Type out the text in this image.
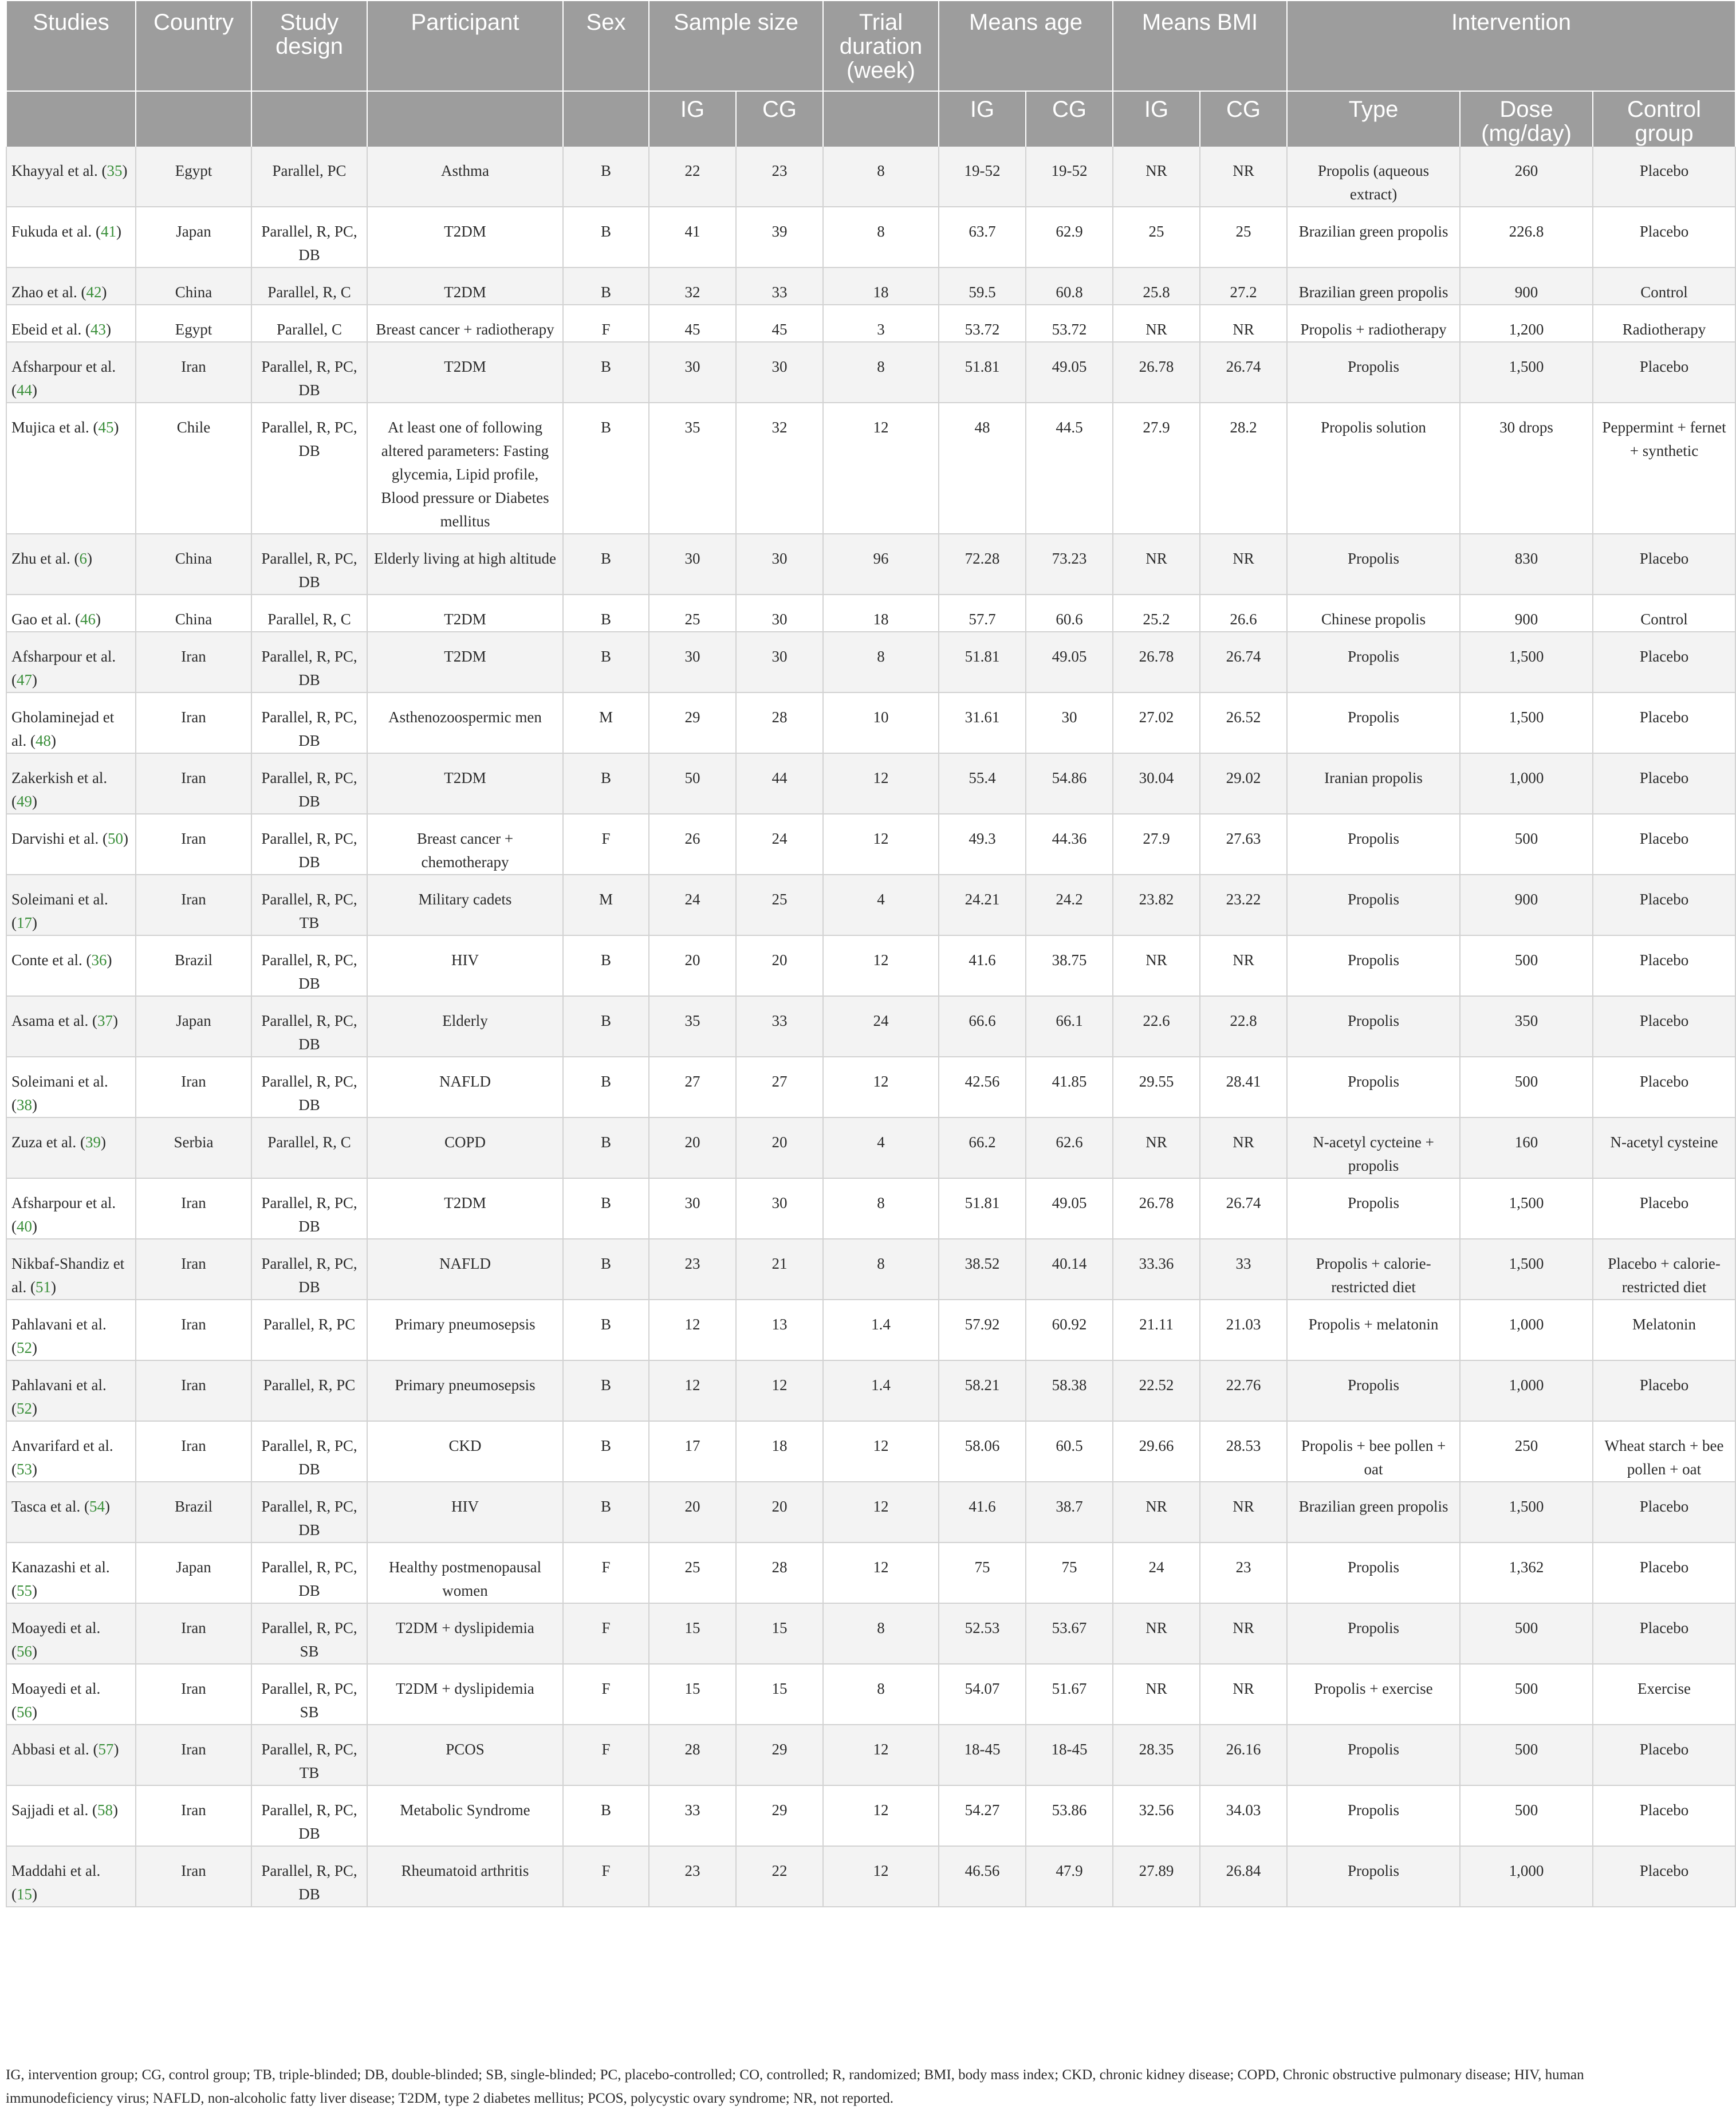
Studies	Country	Study design	Participant	Sex	Sample size		Trial duration (week)	Means age		Means BMI		Intervention		
					IG	CG		IG	CG	IG	CG	Type	Dose (mg/day)	Control group
Khayyal et al. (35)	Egypt	Parallel, PC	Asthma	B	22	23	8	19-52	19-52	NR	NR	Propolis (aqueous extract)	260	Placebo
Fukuda et al. (41)	Japan	Parallel, R, PC, DB	T2DM	B	41	39	8	63.7	62.9	25	25	Brazilian green propolis	226.8	Placebo
Zhao et al. (42)	China	Parallel, R, C	T2DM	B	32	33	18	59.5	60.8	25.8	27.2	Brazilian green propolis	900	Control
Ebeid et al. (43)	Egypt	Parallel, C	Breast cancer + radiotherapy	F	45	45	3	53.72	53.72	NR	NR	Propolis + radiotherapy	1,200	Radiotherapy
Afsharpour et al. (44)	Iran	Parallel, R, PC, DB	T2DM	B	30	30	8	51.81	49.05	26.78	26.74	Propolis	1,500	Placebo
Mujica et al. (45)	Chile	Parallel, R, PC, DB	At least one of following altered parameters: Fasting glycemia, Lipid profile, Blood pressure or Diabetes mellitus	B	35	32	12	48	44.5	27.9	28.2	Propolis solution	30 drops	Peppermint + fernet + synthetic
Zhu et al. (6)	China	Parallel, R, PC, DB	Elderly living at high altitude	B	30	30	96	72.28	73.23	NR	NR	Propolis	830	Placebo
Gao et al. (46)	China	Parallel, R, C	T2DM	B	25	30	18	57.7	60.6	25.2	26.6	Chinese propolis	900	Control
Afsharpour et al. (47)	Iran	Parallel, R, PC, DB	T2DM	B	30	30	8	51.81	49.05	26.78	26.74	Propolis	1,500	Placebo
Gholaminejad et al. (48)	Iran	Parallel, R, PC, DB	Asthenozoospermic men	M	29	28	10	31.61	30	27.02	26.52	Propolis	1,500	Placebo
Zakerkish et al. (49)	Iran	Parallel, R, PC, DB	T2DM	B	50	44	12	55.4	54.86	30.04	29.02	Iranian propolis	1,000	Placebo
Darvishi et al. (50)	Iran	Parallel, R, PC, DB	Breast cancer + chemotherapy	F	26	24	12	49.3	44.36	27.9	27.63	Propolis	500	Placebo
Soleimani et al. (17)	Iran	Parallel, R, PC, TB	Military cadets	M	24	25	4	24.21	24.2	23.82	23.22	Propolis	900	Placebo
Conte et al. (36)	Brazil	Parallel, R, PC, DB	HIV	B	20	20	12	41.6	38.75	NR	NR	Propolis	500	Placebo
Asama et al. (37)	Japan	Parallel, R, PC, DB	Elderly	B	35	33	24	66.6	66.1	22.6	22.8	Propolis	350	Placebo
Soleimani et al. (38)	Iran	Parallel, R, PC, DB	NAFLD	B	27	27	12	42.56	41.85	29.55	28.41	Propolis	500	Placebo
Zuza et al. (39)	Serbia	Parallel, R, C	COPD	B	20	20	4	66.2	62.6	NR	NR	N-acetyl cycteine + propolis	160	N-acetyl cysteine
Afsharpour et al. (40)	Iran	Parallel, R, PC, DB	T2DM	B	30	30	8	51.81	49.05	26.78	26.74	Propolis	1,500	Placebo
Nikbaf-Shandiz et al. (51)	Iran	Parallel, R, PC, DB	NAFLD	B	23	21	8	38.52	40.14	33.36	33	Propolis + calorie-restricted diet	1,500	Placebo + calorie-restricted diet
Pahlavani et al. (52)	Iran	Parallel, R, PC	Primary pneumosepsis	B	12	13	1.4	57.92	60.92	21.11	21.03	Propolis + melatonin	1,000	Melatonin
Pahlavani et al. (52)	Iran	Parallel, R, PC	Primary pneumosepsis	B	12	12	1.4	58.21	58.38	22.52	22.76	Propolis	1,000	Placebo
Anvarifard et al. (53)	Iran	Parallel, R, PC, DB	CKD	B	17	18	12	58.06	60.5	29.66	28.53	Propolis + bee pollen + oat	250	Wheat starch + bee pollen + oat
Tasca et al. (54)	Brazil	Parallel, R, PC, DB	HIV	B	20	20	12	41.6	38.7	NR	NR	Brazilian green propolis	1,500	Placebo
Kanazashi et al. (55)	Japan	Parallel, R, PC, DB	Healthy postmenopausal women	F	25	28	12	75	75	24	23	Propolis	1,362	Placebo
Moayedi et al. (56)	Iran	Parallel, R, PC, SB	T2DM + dyslipidemia	F	15	15	8	52.53	53.67	NR	NR	Propolis	500	Placebo
Moayedi et al. (56)	Iran	Parallel, R, PC, SB	T2DM + dyslipidemia	F	15	15	8	54.07	51.67	NR	NR	Propolis + exercise	500	Exercise
Abbasi et al. (57)	Iran	Parallel, R, PC, TB	PCOS	F	28	29	12	18-45	18-45	28.35	26.16	Propolis	500	Placebo
Sajjadi et al. (58)	Iran	Parallel, R, PC, DB	Metabolic Syndrome	B	33	29	12	54.27	53.86	32.56	34.03	Propolis	500	Placebo
Maddahi et al. (15)	Iran	Parallel, R, PC, DB	Rheumatoid arthritis	F	23	22	12	46.56	47.9	27.89	26.84	Propolis	1,000	Placebo
IG, intervention group; CG, control group; TB, triple-blinded; DB, double-blinded; SB, single-blinded; PC, placebo-controlled; CO, controlled; R, randomized; BMI, body mass index; CKD, chronic kidney disease; COPD, Chronic obstructive pulmonary disease; HIV, human immunodeficiency virus; NAFLD, non-alcoholic fatty liver disease; T2DM, type 2 diabetes mellitus; PCOS, polycystic ovary syndrome; NR, not reported.
